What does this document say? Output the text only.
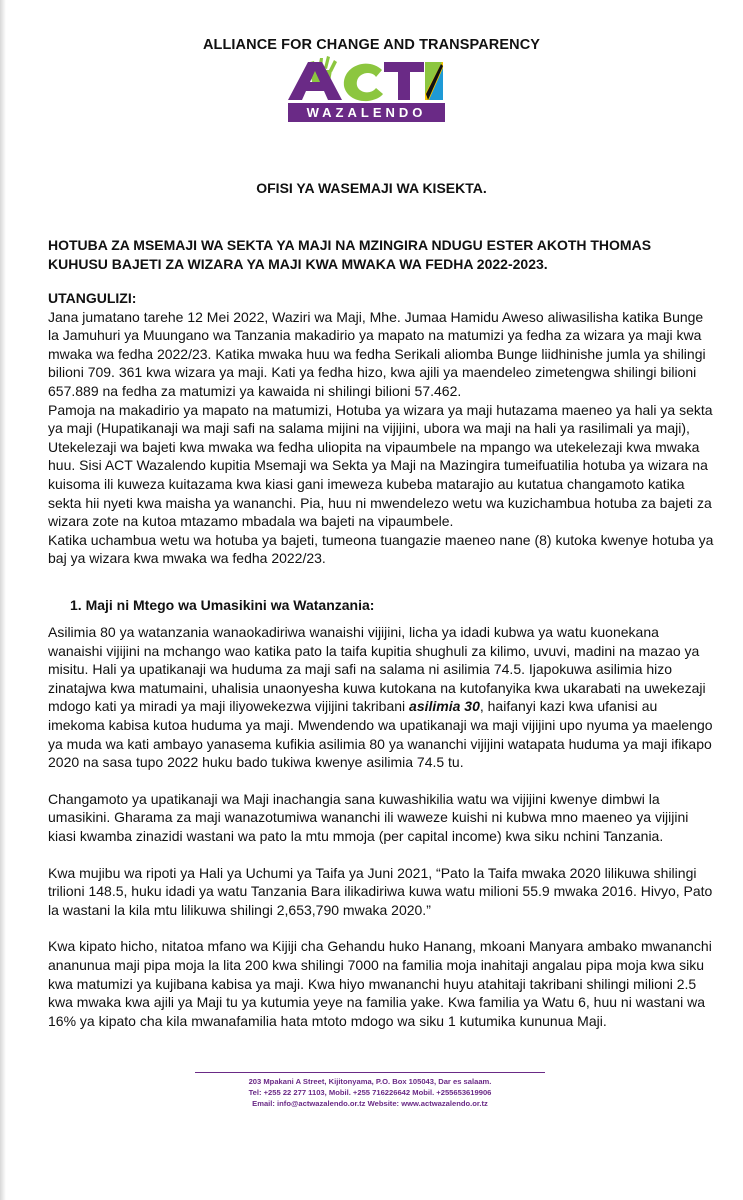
ALLIANCE FOR CHANGE AND TRANSPARENCY
WAZALENDO
OFISI YA WASEMAJI WA KISEKTA.
HOTUBA ZA MSEMAJI WA SEKTA YA MAJI NA MZINGIRA NDUGU ESTER AKOTH THOMAS
KUHUSU BAJETI ZA WIZARA YA MAJI KWA MWAKA WA FEDHA 2022-2023.
UTANGULIZI:

Jana jumatano tarehe 12 Mei 2022, Waziri wa Maji, Mhe. Jumaa Hamidu Aweso aliwasilisha katika Bunge la Jamuhuri ya Muungano wa Tanzania makadirio ya mapato na matumizi ya fedha za wizara ya maji kwa mwaka wa fedha 2022/23. Katika mwaka huu wa fedha Serikali aliomba Bunge liidhinishe jumla ya shilingi bilioni 709. 361 kwa wizara ya maji. Kati ya fedha hizo, kwa ajili ya maendeleo zimetengwa shilingi bilioni 657.889 na fedha za matumizi ya kawaida ni shilingi bilioni 57.462.

Pamoja na makadirio ya mapato na matumizi, Hotuba ya wizara ya maji hutazama maeneo ya hali ya sekta ya maji (Hupatikanaji wa maji safi na salama mijini na vijijini, ubora wa maji na hali ya rasilimali ya maji), Utekelezaji wa bajeti kwa mwaka wa fedha uliopita na vipaumbele na mpango wa utekelezaji kwa mwaka huu. Sisi ACT Wazalendo kupitia Msemaji wa Sekta ya Maji na Mazingira tumeifuatilia hotuba ya wizara na kuisoma ili kuweza kuitazama kwa kiasi gani imeweza kubeba matarajio au kutatua changamoto katika sekta hii nyeti kwa maisha ya wananchi. Pia, huu ni mwendelezo wetu wa kuzichambua hotuba za bajeti za wizara zote na kutoa mtazamo mbadala wa bajeti na vipaumbele.

Katika uchambua wetu wa hotuba ya bajeti, tumeona tuangazie maeneo nane (8) kutoka kwenye hotuba ya baj ya wizara kwa mwaka wa fedha 2022/23.

1. Maji ni Mtego wa Umasikini wa Watanzania:

Asilimia 80 ya watanzania wanaokadiriwa wanaishi vijijini, licha ya idadi kubwa ya watu kuonekana wanaishi vijijini na mchango wao katika pato la taifa kupitia shughuli za kilimo, uvuvi, madini na mazao ya misitu. Hali ya upatikanaji wa huduma za maji safi na salama ni asilimia 74.5. Ijapokuwa asilimia hizo zinatajwa kwa matumaini, uhalisia unaonyesha kuwa kutokana na kutofanyika kwa ukarabati na uwekezaji mdogo kati ya miradi ya maji iliyowekezwa vijijini takribani asilimia 30, haifanyi kazi kwa ufanisi au imekoma kabisa kutoa huduma ya maji. Mwendendo wa upatikanaji wa maji vijijini upo nyuma ya maelengo ya muda wa kati ambayo yanasema kufikia asilimia 80 ya wananchi vijijini watapata huduma ya maji ifikapo 2020 na sasa tupo 2022 huku bado tukiwa kwenye asilimia 74.5 tu.

Changamoto ya upatikanaji wa Maji inachangia sana kuwashikilia watu wa vijijini kwenye dimbwi la umasikini. Gharama za maji wanazotumiwa wananchi ili waweze kuishi ni kubwa mno maeneo ya vijijini kiasi kwamba zinazidi wastani wa pato la mtu mmoja (per capital income) kwa siku nchini Tanzania.

Kwa mujibu wa ripoti ya Hali ya Uchumi ya Taifa ya Juni 2021, “Pato la Taifa mwaka 2020 lilikuwa shilingi trilioni 148.5, huku idadi ya watu Tanzania Bara ilikadiriwa kuwa watu milioni 55.9 mwaka 2016. Hivyo, Pato la wastani la kila mtu lilikuwa shilingi 2,653,790 mwaka 2020.”

Kwa kipato hicho, nitatoa mfano wa Kijiji cha Gehandu huko Hanang, mkoani Manyara ambako mwananchi ananunua maji pipa moja la lita 200 kwa shilingi 7000 na familia moja inahitaji angalau pipa moja kwa siku kwa matumizi ya kujibana kabisa ya maji. Kwa hiyo mwananchi huyu atahitaji takribani shilingi milioni 2.5 kwa mwaka kwa ajili ya Maji tu ya kutumia yeye na familia yake. Kwa familia ya Watu 6, huu ni wastani wa 16% ya kipato cha kila mwanafamilia hata mtoto mdogo wa siku 1 kutumika kununua Maji.

203 Mpakani A Street, Kijitonyama, P.O. Box 105043, Dar es salaam.
Tel: +255 22 277 1103, Mobil. +255 716226642 Mobil. +255653619906
Email: info@actwazalendo.or.tz Website: www.actwazalendo.or.tz
